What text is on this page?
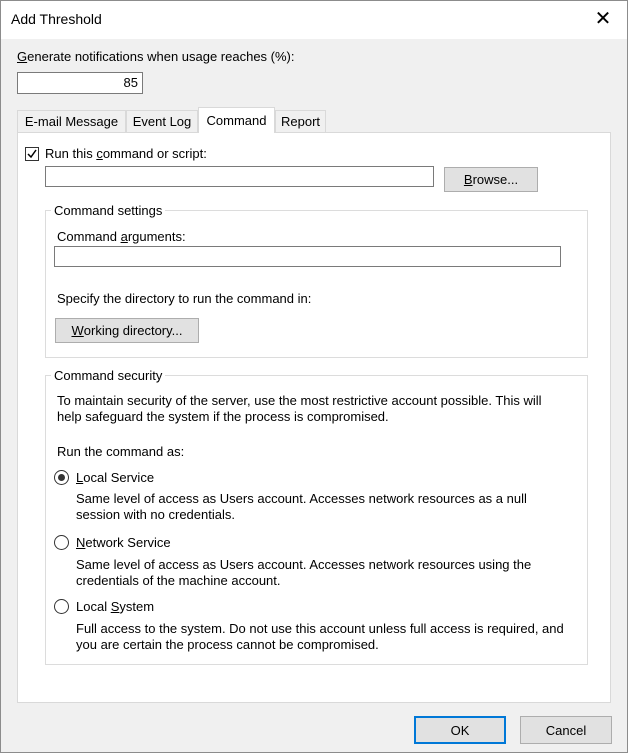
Add Threshold	✕
Generate notifications when usage reaches (%):
85
E-mail Message	Event Log	Command	Report
Run this command or script:
B rowse...
Command settings
Command arguments:
Specify the directory to run the command in:
W orking directory...
Command security
To maintain security of the server, use the most restrictive account possible. This will
help safeguard the system if the process is compromised.
Run the command as:
Local Service
Same level of access as Users account. Accesses network resources as a null
session with no credentials.
Network Service
Same level of access as Users account. Accesses network resources using the
credentials of the machine account.
Local System
Full access to the system. Do not use this account unless full access is required, and
you are certain the process cannot be compromised.
OK	Cancel
